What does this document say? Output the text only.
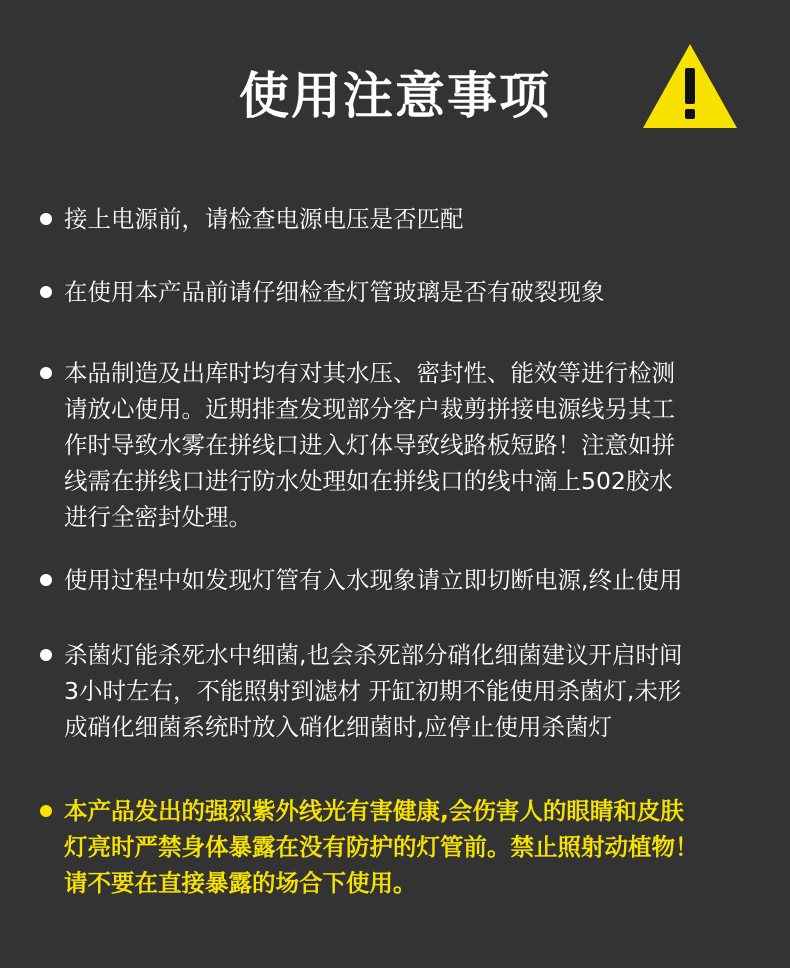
使用注意事项
接上电源前，请检查电源电压是否匹配
在使用本产品前请仔细检查灯管玻璃是否有破裂现象
本品制造及出库时均有对其水压、密封性、能效等进行检测
请放心使用。近期排查发现部分客户裁剪拼接电源线另其工
作时导致水雾在拼线口进入灯体导致线路板短路！注意如拼
线需在拼线口进行防水处理如在拼线口的线中滴上502胶水
进行全密封处理。
使用过程中如发现灯管有入水现象请立即切断电源,终止使用
杀菌灯能杀死水中细菌,也会杀死部分硝化细菌建议开启时间
3小时左右，不能照射到滤材 开缸初期不能使用杀菌灯,未形
成硝化细菌系统时放入硝化细菌时,应停止使用杀菌灯
本产品发出的强烈紫外线光有害健康,会伤害人的眼睛和皮肤
灯亮时严禁身体暴露在没有防护的灯管前。禁止照射动植物！
请不要在直接暴露的场合下使用。
